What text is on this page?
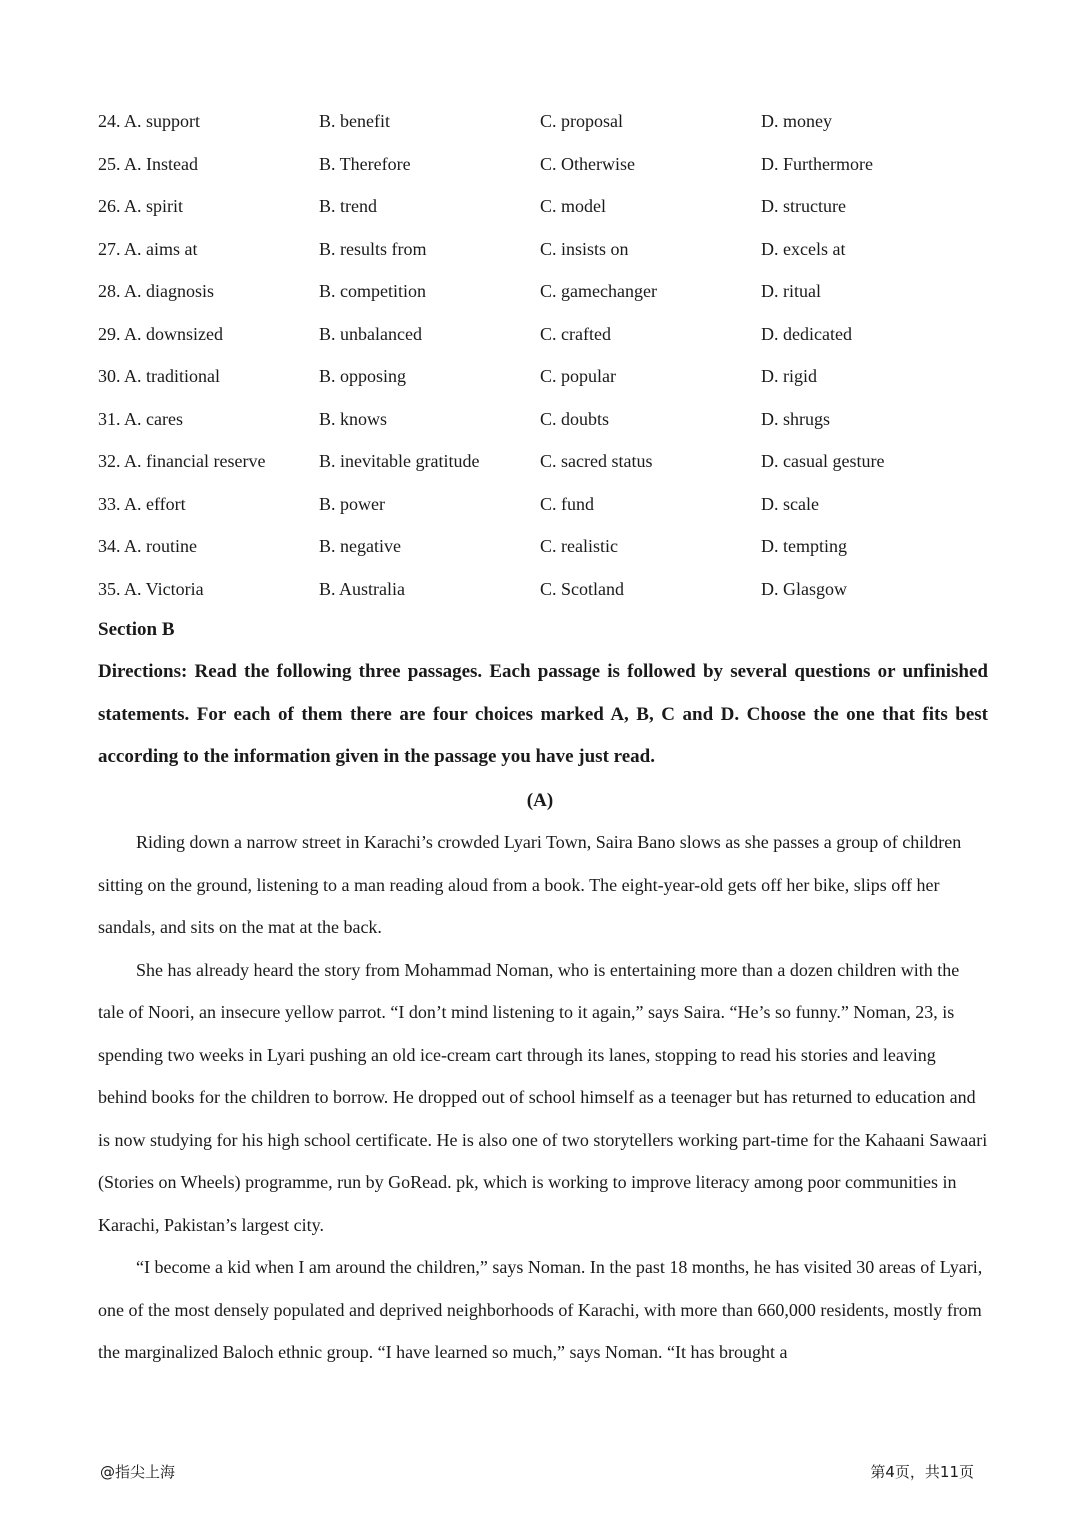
24. A. support	B. benefit	C. proposal	D. money
25. A. Instead	B. Therefore	C. Otherwise	D. Furthermore
26. A. spirit	B. trend	C. model	D. structure
27. A. aims at	B. results from	C. insists on	D. excels at
28. A. diagnosis	B. competition	C. gamechanger	D. ritual
29. A. downsized	B. unbalanced	C. crafted	D. dedicated
30. A. traditional	B. opposing	C. popular	D. rigid
31. A. cares	B. knows	C. doubts	D. shrugs
32. A. financial reserve	B. inevitable gratitude	C. sacred status	D. casual gesture
33. A. effort	B. power	C. fund	D. scale
34. A. routine	B. negative	C. realistic	D. tempting
35. A. Victoria	B. Australia	C. Scotland	D. Glasgow
Section B
Directions: Read the following three passages. Each passage is followed by several questions or unfinished statements. For each of them there are four choices marked A, B, C and D. Choose the one that fits best according to the information given in the passage you have just read.
(A)

Riding down a narrow street in Karachi’s crowded Lyari Town, Saira Bano slows as she passes a group of children sitting on the ground, listening to a man reading aloud from a book. The eight-year-old gets off her bike, slips off her sandals, and sits on the mat at the back.

She has already heard the story from Mohammad Noman, who is entertaining more than a dozen children with the tale of Noori, an insecure yellow parrot. “I don’t mind listening to it again,” says Saira. “He’s so funny.” Noman, 23, is spending two weeks in Lyari pushing an old ice-cream cart through its lanes, stopping to read his stories and leaving behind books for the children to borrow. He dropped out of school himself as a teenager but has returned to education and is now studying for his high school certificate. He is also one of two storytellers working part-time for the Kahaani Sawaari (Stories on Wheels) programme, run by GoRead. pk, which is working to improve literacy among poor communities in Karachi, Pakistan’s largest city.

“I become a kid when I am around the children,” says Noman. In the past 18 months, he has visited 30 areas of Lyari, one of the most densely populated and deprived neighborhoods of Karachi, with more than 660,000 residents, mostly from the marginalized Baloch ethnic group. “I have learned so much,” says Noman. “It has brought a

@指尖上海	第4页，共11页
